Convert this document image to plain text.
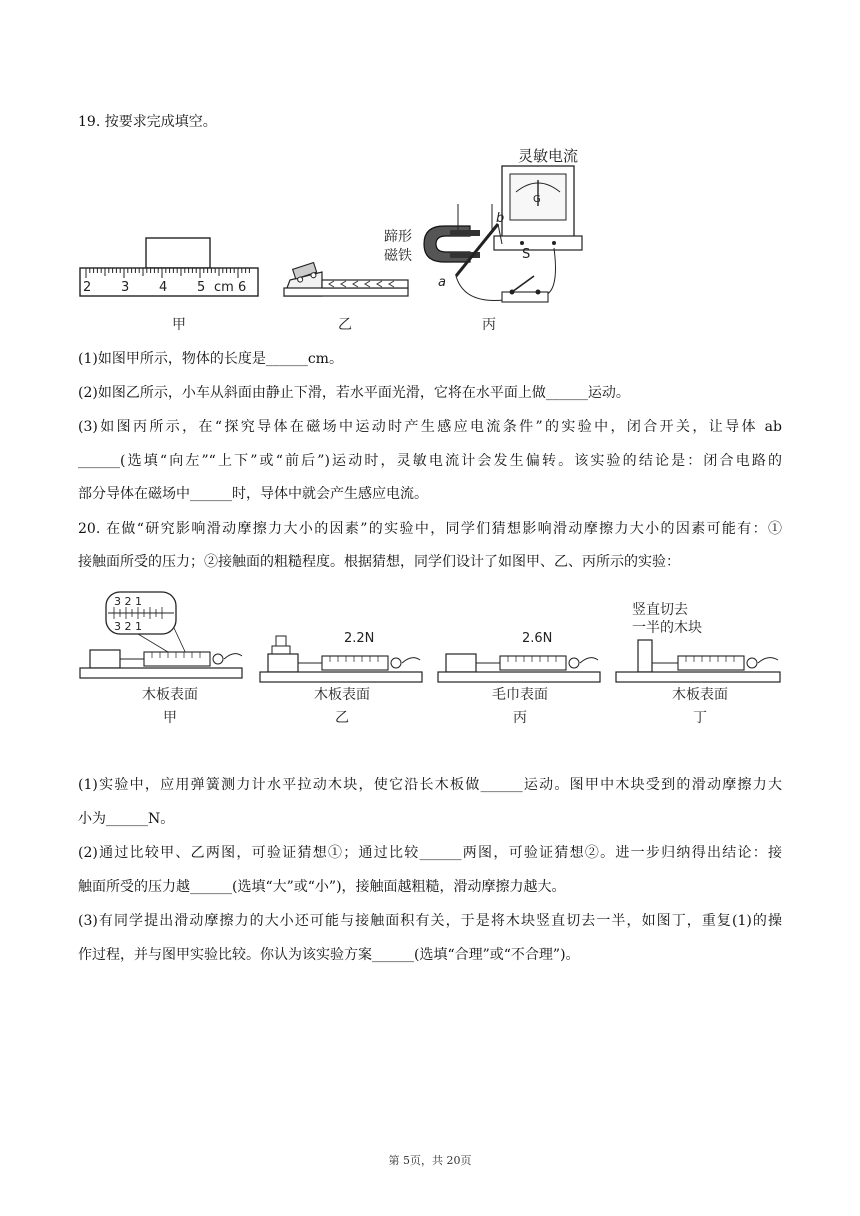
19. 按要求完成填空。
2 3 4 5 cm 6
甲	乙
灵敏电流
G
蹄形
磁铁
a
b
S
丙
(1)如图甲所示，物体的长度是______cm。
(2)如图乙所示，小车从斜面由静止下滑，若水平面光滑，它将在水平面上做______运动。
(3)如图丙所示，在“探究导体在磁场中运动时产生感应电流条件”的实验中，闭合开关，让导体 ab
______(选填“向左”“上下”或“前后”)运动时，灵敏电流计会发生偏转。该实验的结论是：闭合电路的
部分导体在磁场中______时，导体中就会产生感应电流。
20. 在做“研究影响滑动摩擦力大小的因素”的实验中，同学们猜想影响滑动摩擦力大小的因素可能有：①
接触面所受的压力；②接触面的粗糙程度。根据猜想，同学们设计了如图甲、乙、丙所示的实验：
3 2 1
3 2 1
木板表面
甲
2.2N
木板表面
乙
2.6N
毛巾表面
丙
竖直切去
一半的木块
木板表面
丁
(1)实验中，应用弹簧测力计水平拉动木块，使它沿长木板做______运动。图甲中木块受到的滑动摩擦力大
小为______N。
(2)通过比较甲、乙两图，可验证猜想①；通过比较______两图，可验证猜想②。进一步归纳得出结论：接
触面所受的压力越______(选填“大”或“小”)，接触面越粗糙，滑动摩擦力越大。
(3)有同学提出滑动摩擦力的大小还可能与接触面积有关，于是将木块竖直切去一半，如图丁，重复(1)的操
作过程，并与图甲实验比较。你认为该实验方案______(选填“合理”或“不合理”)。
第 5页，共 20页
